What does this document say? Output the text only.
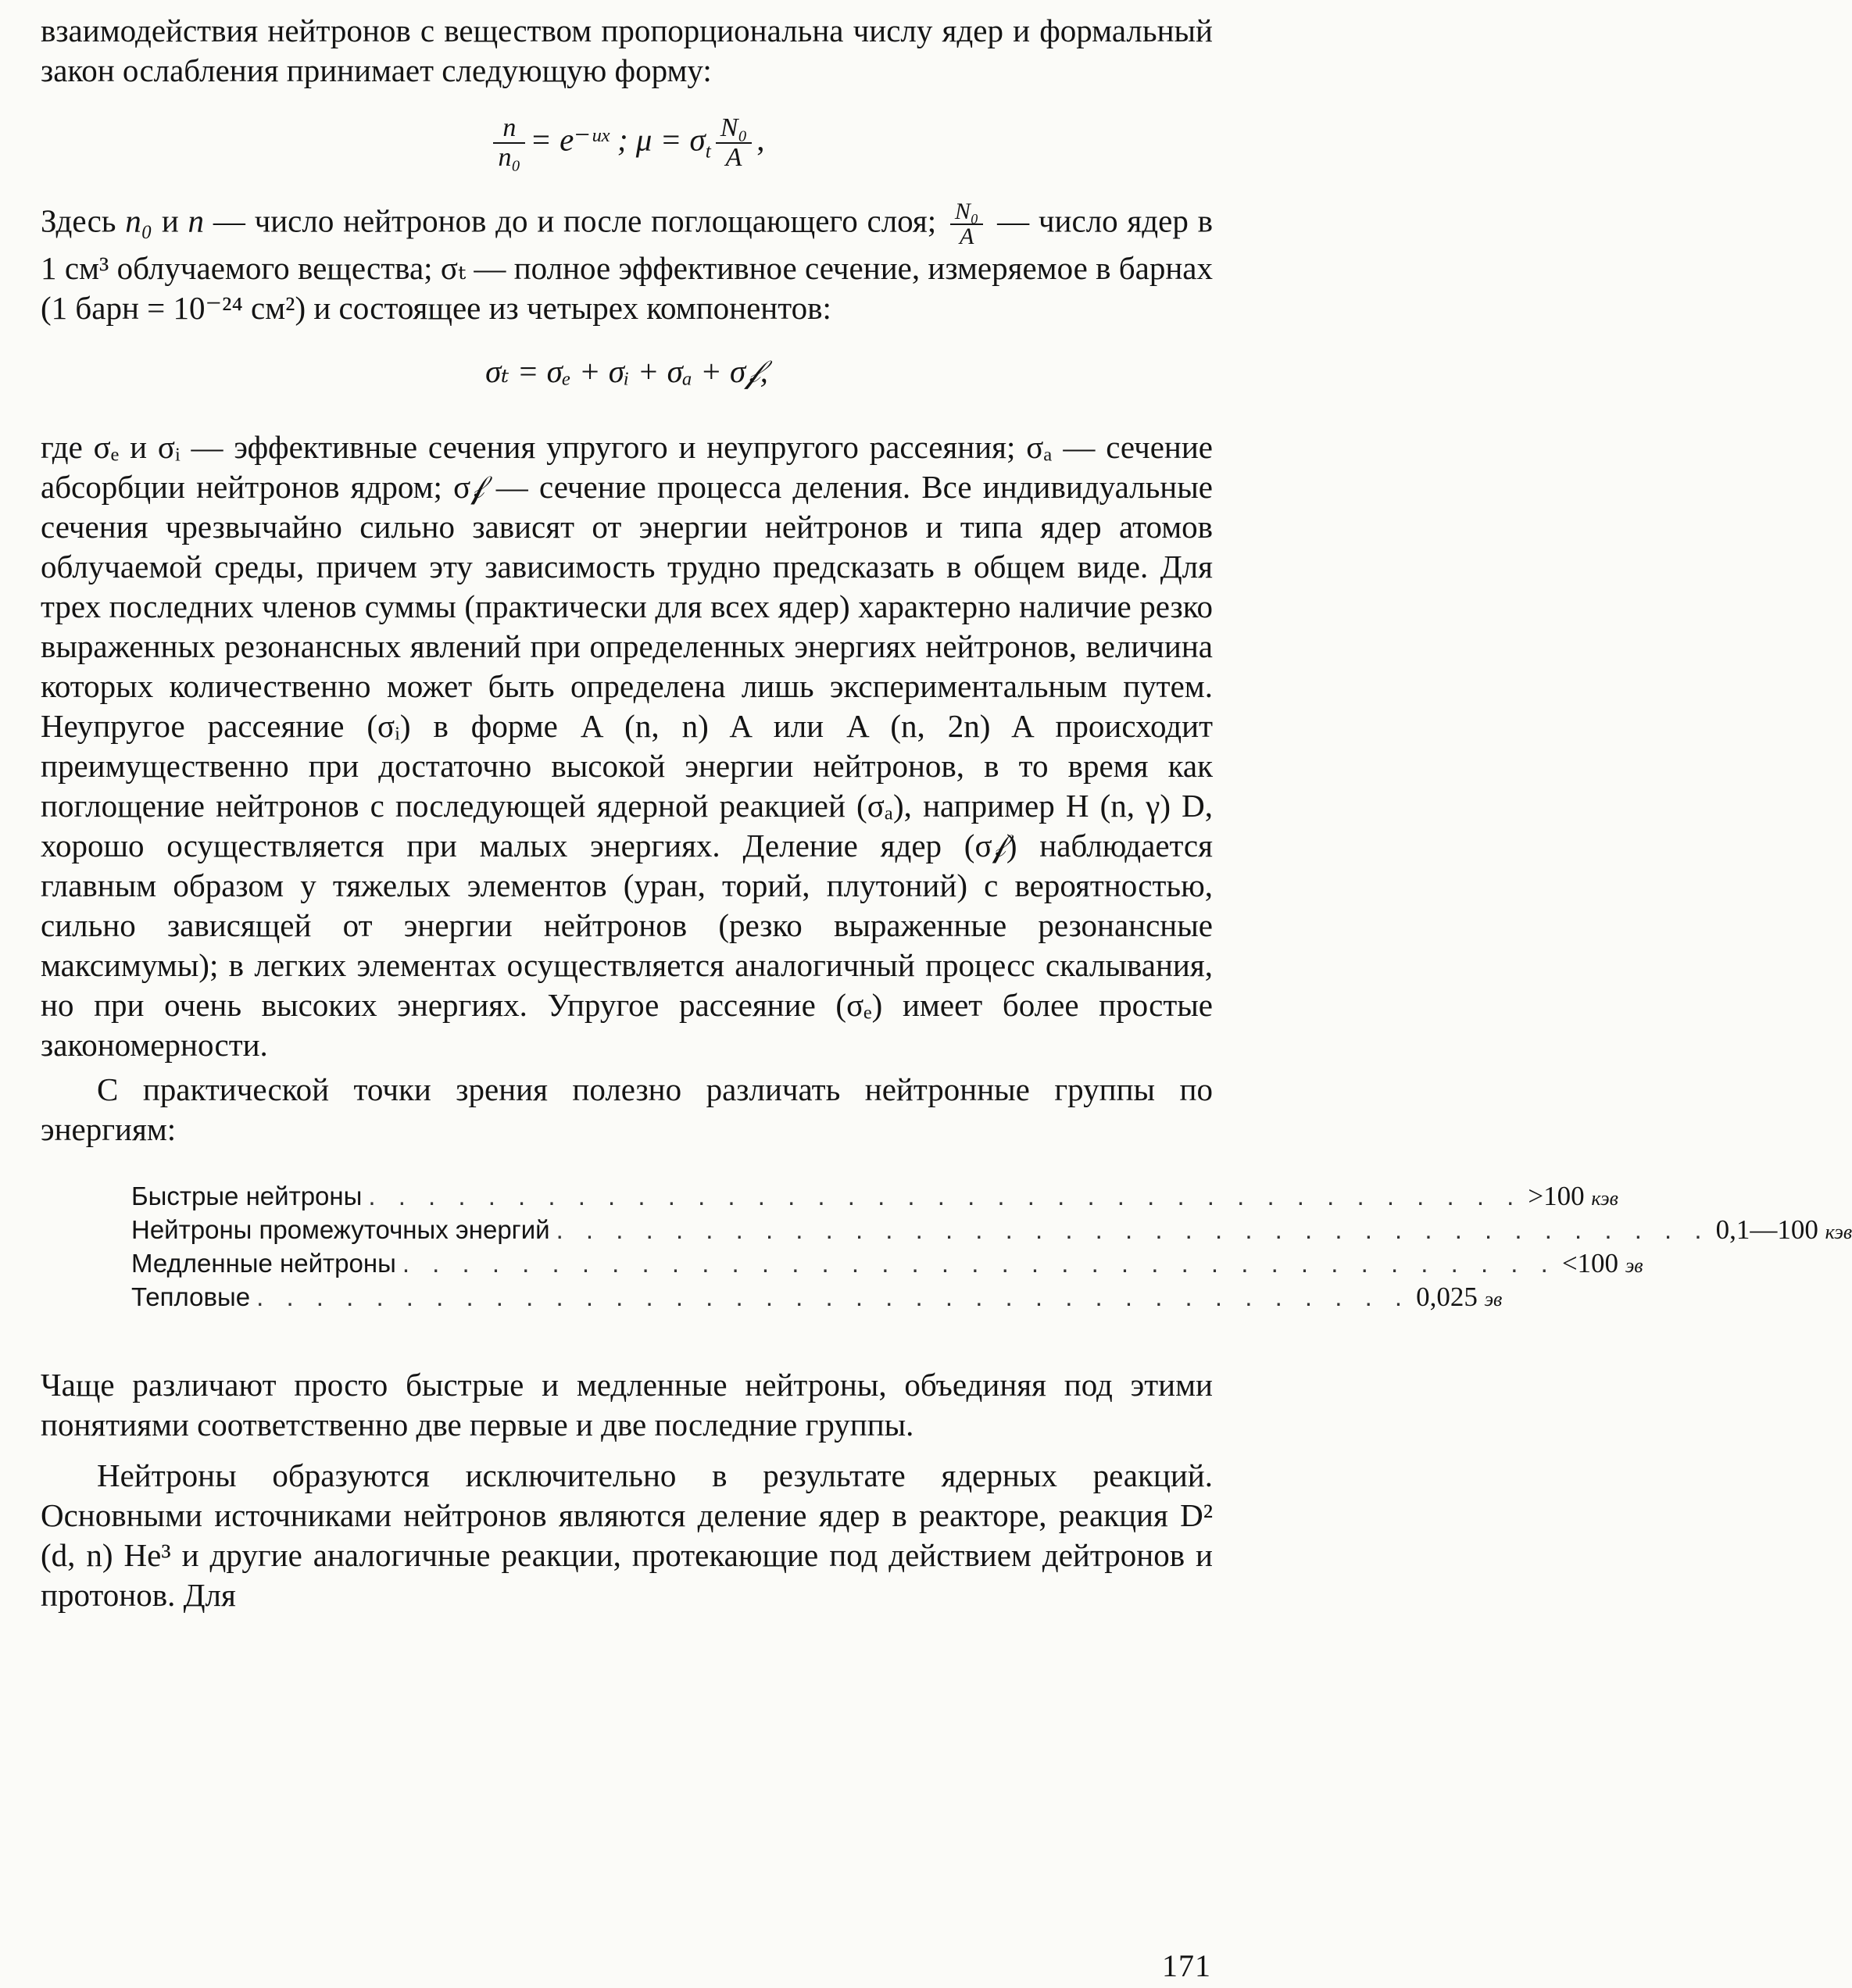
взаимодействия нейтронов с веществом пропорциональна числу ядер и формальный закон ослабления принимает следующую форму:

$\frac{n}{\text{n₀}}$ = e⁻ᵘˣ ; $\mu = \sigma_t \frac{\text{N₀}}{A}$ ,

Здесь n₀ и n — число нейтронов до и после поглощающего слоя; $\frac{\text{N₀}}{A}$ — число ядер в 1 см³ облучаемого вещества; σₜ — полное эффективное сечение, измеряемое в барнах (1 барн = 10⁻²⁴ см²) и состоящее из четырех компонентов:

σₜ = σₑ + σᵢ + σₐ + σ𝒻,

где σₑ и σᵢ — эффективные сечения упругого и неупругого рассеяния; σₐ — сечение абсорбции нейтронов ядром; σ𝒻 — сечение процесса деления. Все индивидуальные сечения чрезвычайно сильно зависят от энергии нейтронов и типа ядер атомов облучаемой среды, причем эту зависимость трудно предсказать в общем виде. Для трех последних членов суммы (практически для всех ядер) характерно наличие резко выраженных резонансных явлений при определенных энергиях нейтронов, величина которых количественно может быть определена лишь экспериментальным путем. Неупругое рассеяние (σᵢ) в форме A (n, n) A или A (n, 2n) A происходит преимущественно при достаточно высокой энергии нейтронов, в то время как поглощение нейтронов с последующей ядерной реакцией (σₐ), например H (n, γ) D, хорошо осуществляется при малых энергиях. Деление ядер (σ𝒻) наблюдается главным образом у тяжелых элементов (уран, торий, плутоний) с вероятностью, сильно зависящей от энергии нейтронов (резко выраженные резонансные максимумы); в легких элементах осуществляется аналогичный процесс скалывания, но при очень высоких энергиях. Упругое рассеяние (σₑ) имеет более простые закономерности.

С практической точки зрения полезно различать нейтронные группы по энергиям:

Быстрые нейтроны . . . . . . . . . . . . . . . . . . . . . . . . . . . . . . . . . . . . . . . >100 кэв
Нейтроны промежуточных энергий . . . . . . . . . . . . . . . . . . . . . . . . . . . . . . . . . . . . . . . 0,1—100 кэв
Медленные нейтроны . . . . . . . . . . . . . . . . . . . . . . . . . . . . . . . . . . . . . . . <100 эв
Тепловые . . . . . . . . . . . . . . . . . . . . . . . . . . . . . . . . . . . . . . . 0,025 эв

Чаще различают просто быстрые и медленные нейтроны, объединяя под этими понятиями соответственно две первые и две последние группы.

Нейтроны образуются исключительно в результате ядерных реакций. Основными источниками нейтронов являются деление ядер в реакторе, реакция D² (d, n) He³ и другие аналогичные реакции, протекающие под действием дейтронов и протонов. Для

171
